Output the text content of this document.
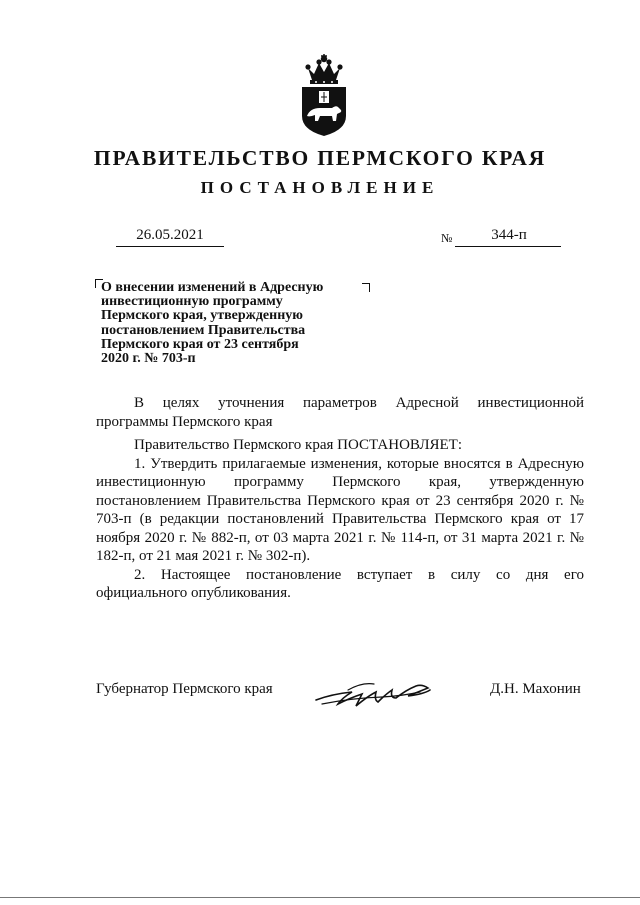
ПРАВИТЕЛЬСТВО ПЕРМСКОГО КРАЯ
ПОСТАНОВЛЕНИЕ
26.05.2021	№	344-п

О внесении изменений в Адресную
инвестиционную программу
Пермского края, утвержденную
постановлением Правительства
Пермского края от 23 сентября
2020 г. № 703-п

В целях уточнения параметров Адресной инвестиционной

программы Пермского края

Правительство Пермского края ПОСТАНОВЛЯЕТ:

1. Утвердить прилагаемые изменения, которые вносятся в Адресную инвестиционную программу Пермского края, утвержденную постановлением Правительства Пермского края от 23 сентября 2020 г. № 703-п (в редакции постановлений Правительства Пермского края от 17 ноября 2020 г. № 882-п, от 03 марта 2021 г. № 114-п, от 31 марта 2021 г. № 182-п, от 21 мая 2021 г. № 302-п).

2. Настоящее постановление вступает в силу со дня его

официального опубликования.

Губернатор Пермского края	Д.Н. Махонин
